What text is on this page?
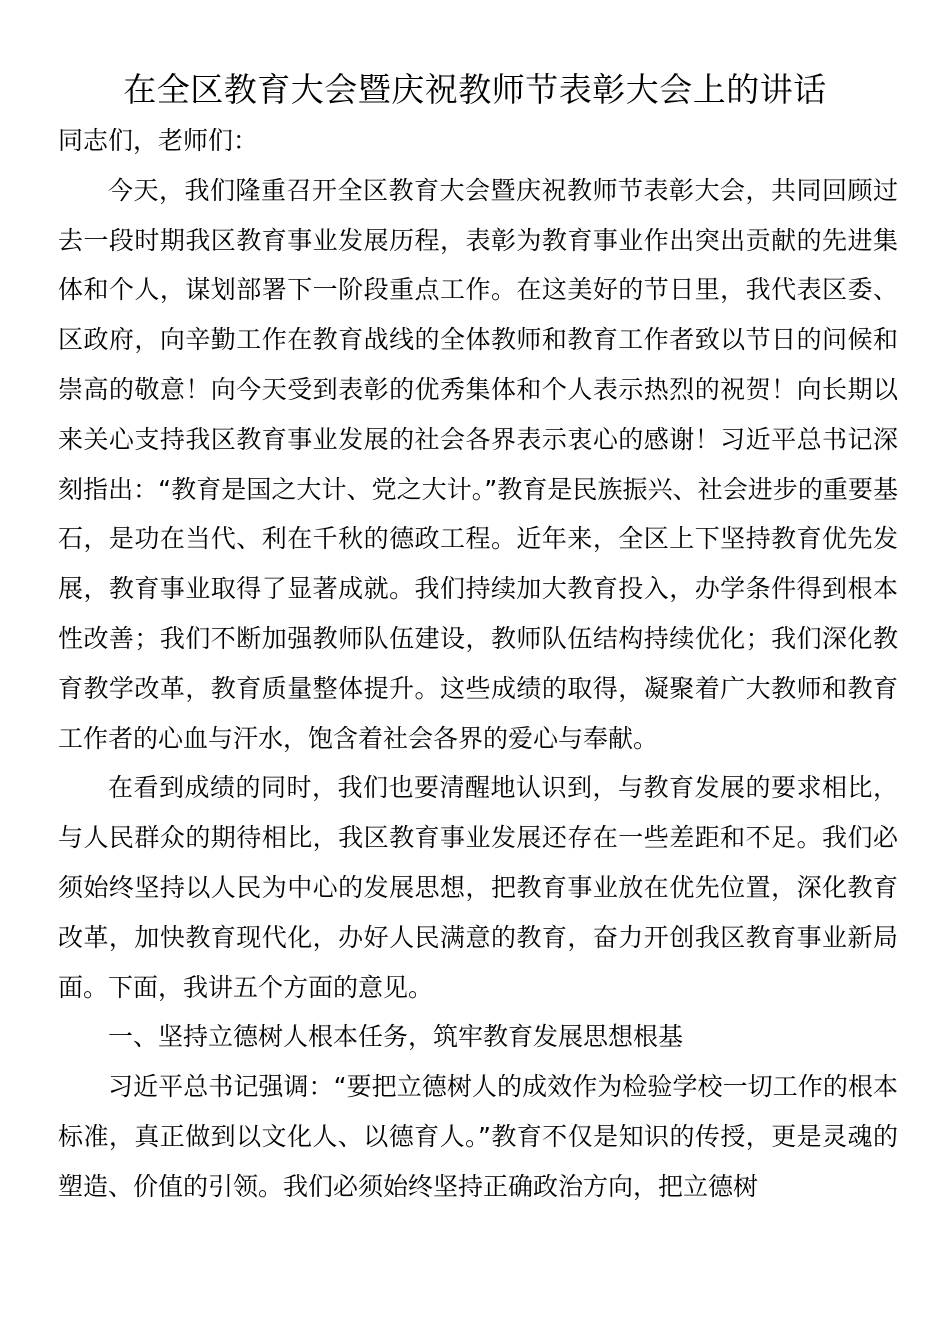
在全区教育大会暨庆祝教师节表彰大会上的讲话

同志们，老师们：

今天，我们隆重召开全区教育大会暨庆祝教师节表彰大会，共同回顾过去一段时期我区教育事业发展历程，表彰为教育事业作出突出贡献的先进集体和个人，谋划部署下一阶段重点工作。在这美好的节日里，我代表区委、区政府，向辛勤工作在教育战线的全体教师和教育工作者致以节日的问候和崇高的敬意！向今天受到表彰的优秀集体和个人表示热烈的祝贺！向长期以来关心支持我区教育事业发展的社会各界表示衷心的感谢！习近平总书记深刻指出：“教育是国之大计、党之大计。”教育是民族振兴、社会进步的重要基石，是功在当代、利在千秋的德政工程。近年来，全区上下坚持教育优先发展，教育事业取得了显著成就。我们持续加大教育投入，办学条件得到根本性改善；我们不断加强教师队伍建设，教师队伍结构持续优化；我们深化教育教学改革，教育质量整体提升。这些成绩的取得，凝聚着广大教师和教育工作者的心血与汗水，饱含着社会各界的爱心与奉献。

在看到成绩的同时，我们也要清醒地认识到，与教育发展的要求相比，与人民群众的期待相比，我区教育事业发展还存在一些差距和不足。我们必须始终坚持以人民为中心的发展思想，把教育事业放在优先位置，深化教育改革，加快教育现代化，办好人民满意的教育，奋力开创我区教育事业新局面。下面，我讲五个方面的意见。

一、坚持立德树人根本任务，筑牢教育发展思想根基

习近平总书记强调：“要把立德树人的成效作为检验学校一切工作的根本标准，真正做到以文化人、以德育人。”教育不仅是知识的传授，更是灵魂的塑造、价值的引领。我们必须始终坚持正确政治方向，把立德树
